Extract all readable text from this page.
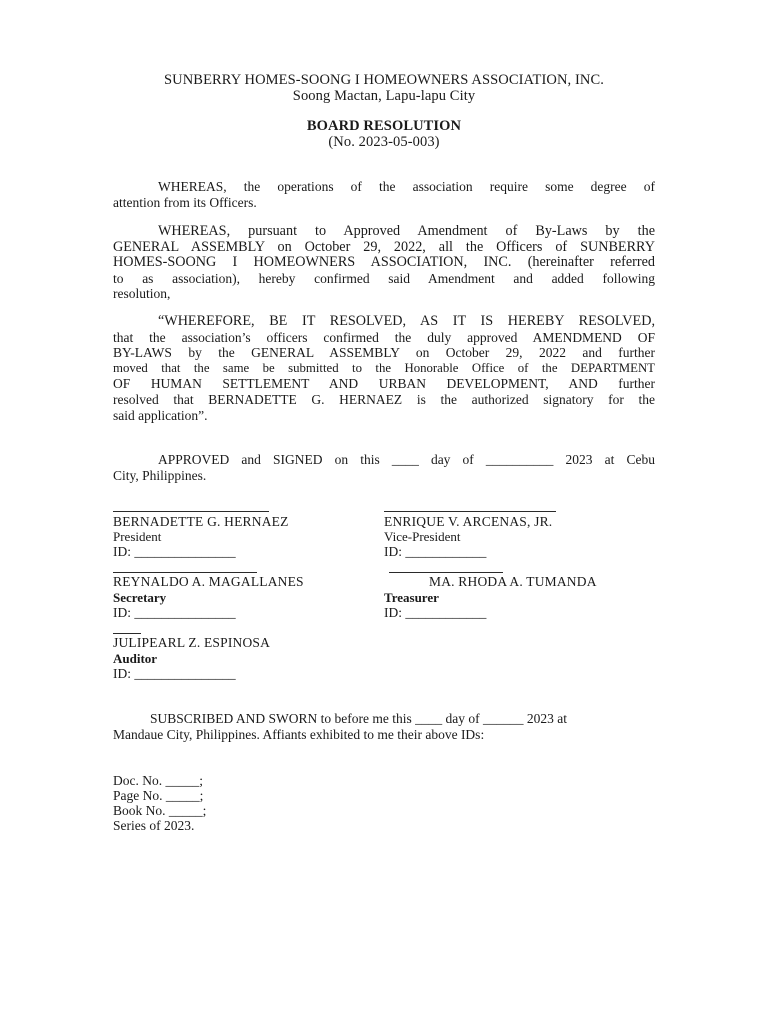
SUNBERRY HOMES-SOONG I HOMEOWNERS ASSOCIATION, INC.
Soong Mactan, Lapu-lapu City
BOARD RESOLUTION
(No. 2023-05-003)
WHEREAS, the operations of the association require some degree of
attention from its Officers.
WHEREAS, pursuant to Approved Amendment of By-Laws by the
GENERAL ASSEMBLY on October 29, 2022, all the Officers of SUNBERRY
HOMES-SOONG I HOMEOWNERS ASSOCIATION, INC. (hereinafter referred
to as association), hereby confirmed said Amendment and added following
resolution,
“WHEREFORE, BE IT RESOLVED, AS IT IS HEREBY RESOLVED,
that the association’s officers confirmed the duly approved AMENDMEND OF
BY-LAWS by the GENERAL ASSEMBLY on October 29, 2022 and further
moved that the same be submitted to the Honorable Office of the DEPARTMENT
OF HUMAN SETTLEMENT AND URBAN DEVELOPMENT, AND further
resolved that BERNADETTE G. HERNAEZ is the authorized signatory for the
said application”.
APPROVED and SIGNED on this ____ day of __________ 2023 at Cebu
City, Philippines.
BERNADETTE G. HERNAEZ
President
ID: _______________
ENRIQUE V. ARCENAS, JR.
Vice-President
ID: ____________
REYNALDO A. MAGALLANES
Secretary
ID: _______________
MA. RHODA A. TUMANDA
Treasurer
ID: ____________
JULIPEARL Z. ESPINOSA
Auditor
ID: _______________
SUBSCRIBED AND SWORN to before me this ____ day of ______ 2023 at
Mandaue City, Philippines. Affiants exhibited to me their above IDs:
Doc. No. _____;
Page No. _____;
Book No. _____;
Series of 2023.
